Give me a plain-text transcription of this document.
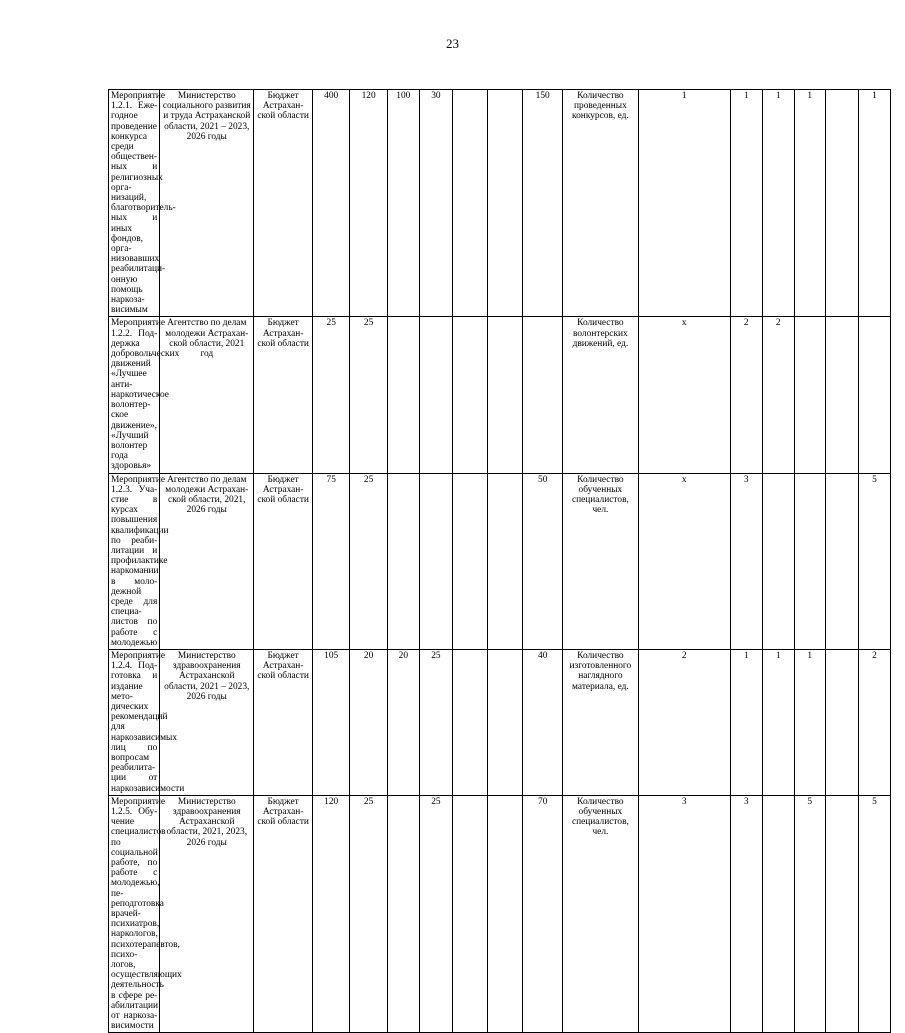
23
Мероприятие 1.2.1. Ежегодное проведение конкурса среди общественных и религиозных организаций, благотворительных и иных фондов, организовавших реабилитационную помощь наркозависимым	Министерство социального развития и труда Астраханской области, 2021 – 2023, 2026 годы	Бюджет Астраханской области	400	120	100	30			150	Количество проведенных конкурсов, ед.	1	1	1	1		1
Мероприятие 1.2.2. Поддержка добровольческих движений «Лучшее антинаркотическое волонтерское движение», «Лучший волонтер года здоровья»	Агентство по делам молодежи Астраханской области, 2021 год	Бюджет Астраханской области	25	25						Количество волонтерских движений, ед.	х	2	2			
Мероприятие 1.2.3. Участие в курсах повышения квалификации по реабилитации и профилактике наркомании в молодежной среде для специалистов по работе с молодежью	Агентство по делам молодежи Астраханской области, 2021, 2026 годы	Бюджет Астраханской области	75	25					50	Количество обученных специалистов, чел.	х	3				5
Мероприятие 1.2.4. Подготовка и издание методических рекомендаций для наркозависимых лиц по вопросам реабилитации от наркозависимости	Министерство здравоохранения Астраханской области, 2021 – 2023, 2026 годы	Бюджет Астраханской области	105	20	20	25			40	Количество изготовленного наглядного материала, ед.	2	1	1	1		2
Мероприятие 1.2.5. Обучение специалистов по социальной работе, по работе с молодежью, переподготовка врачей-психиатров, наркологов, психотерапевтов, психологов, осуществляющих деятельность в сфере реабилитации от наркозависимости	Министерство здравоохранения Астраханской области, 2021, 2023, 2026 годы	Бюджет Астраханской области	120	25		25			70	Количество обученных специалистов, чел.	3	3		5		5
